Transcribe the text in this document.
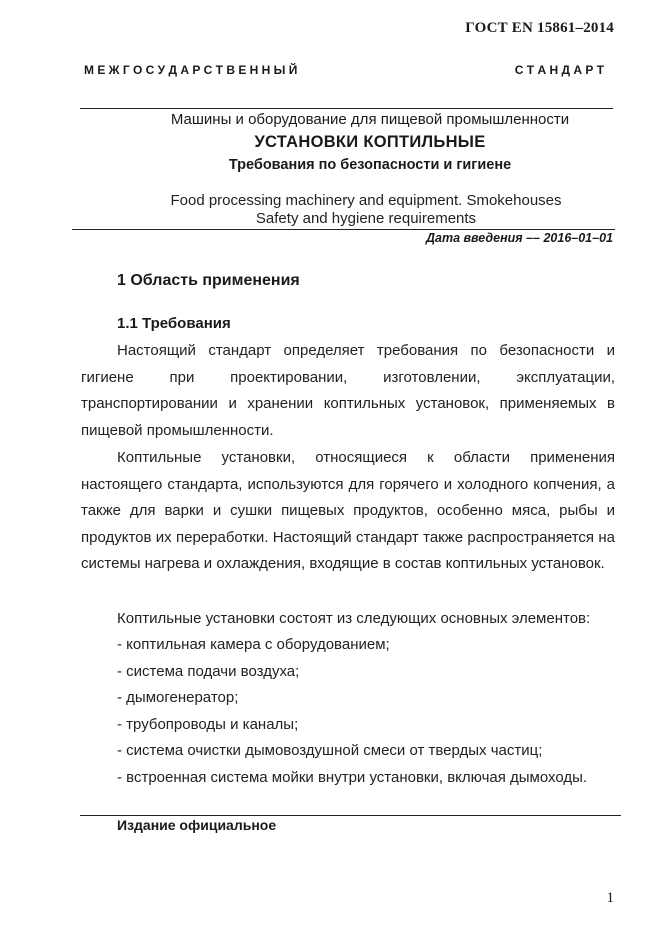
ГОСТ EN 15861–2014
М Е Ж Г О С У Д А Р С Т В Е Н Н Ы Й	С Т А Н Д А Р Т
Машины и оборудование для пищевой промышленности
УСТАНОВКИ КОПТИЛЬНЫЕ
Требования по безопасности и гигиене
Food processing machinery and equipment. Smokehouses
Safety and hygiene requirements
Дата введения –– 2016–01–01
1 Область применения
1.1 Требования
Настоящий стандарт определяет требования по безопасности и гигиене при проектировании, изготовлении, эксплуатации, транспортировании и хранении коптильных установок, применяемых в пищевой промышленности.
Коптильные установки, относящиеся к области применения настоящего стандарта, используются для горячего и холодного копчения, а также для варки и сушки пищевых продуктов, особенно мяса, рыбы и продуктов их переработки. Настоящий стандарт также распространяется на системы нагрева и охлаждения, входящие в состав коптильных установок.
Коптильные установки состоят из следующих основных элементов:
- коптильная камера с оборудованием;
- система подачи воздуха;
- дымогенератор;
- трубопроводы и каналы;
- система очистки дымовоздушной смеси от твердых частиц;
- встроенная система мойки внутри установки, включая дымоходы.
Издание официальное
1
